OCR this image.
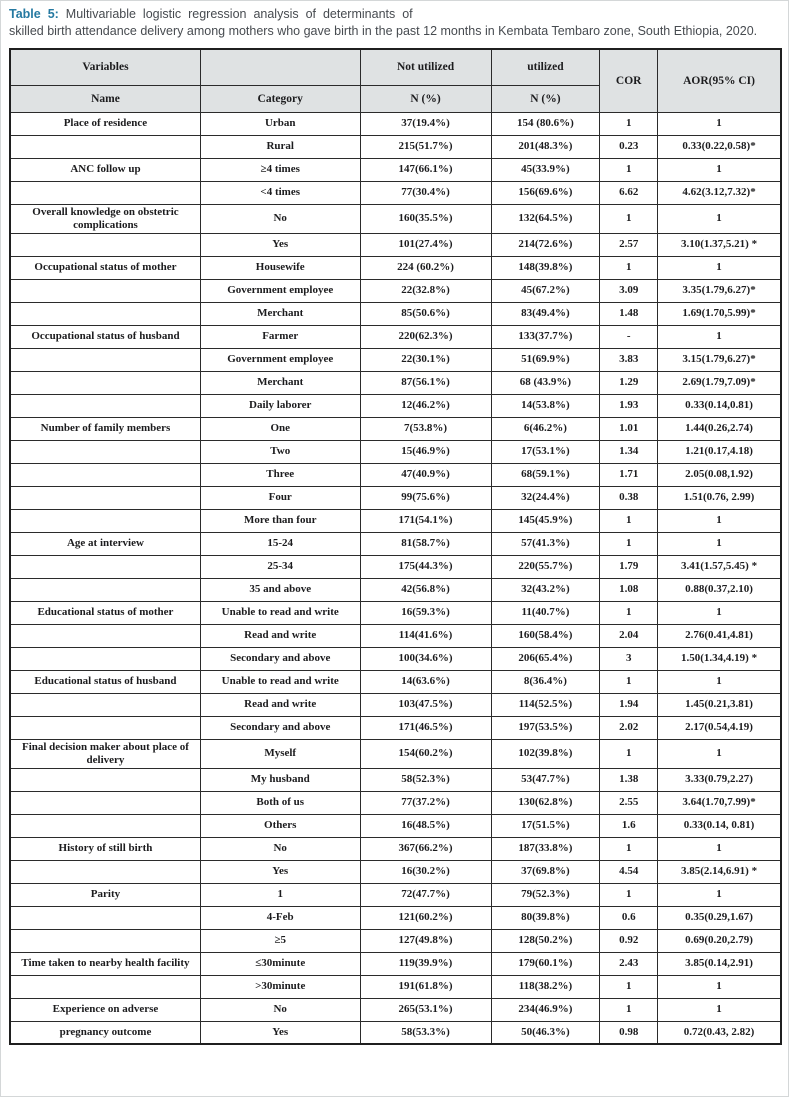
Table 5: Multivariable logistic regression analysis of determinants of
skilled birth attendance delivery among mothers who gave birth in the past 12 months in Kembata Tembaro zone, South Ethiopia, 2020.
Variables		Not utilized	utilized	COR	AOR(95% CI)
Name	Category	N (%)	N (%)		
Place of residence	Urban	37(19.4%)	154 (80.6%)	1	1
	Rural	215(51.7%)	201(48.3%)	0.23	0.33(0.22,0.58)*
ANC follow up	≥4 times	147(66.1%)	45(33.9%)	1	1
	<4 times	77(30.4%)	156(69.6%)	6.62	4.62(3.12,7.32)*
Overall knowledge on obstetric complications	No	160(35.5%)	132(64.5%)	1	1
	Yes	101(27.4%)	214(72.6%)	2.57	3.10(1.37,5.21) *
Occupational status of mother	Housewife	224 (60.2%)	148(39.8%)	1	1
	Government employee	22(32.8%)	45(67.2%)	3.09	3.35(1.79,6.27)*
	Merchant	85(50.6%)	83(49.4%)	1.48	1.69(1.70,5.99)*
Occupational status of husband	Farmer	220(62.3%)	133(37.7%)	-	1
	Government employee	22(30.1%)	51(69.9%)	3.83	3.15(1.79,6.27)*
	Merchant	87(56.1%)	68 (43.9%)	1.29	2.69(1.79,7.09)*
	Daily laborer	12(46.2%)	14(53.8%)	1.93	0.33(0.14,0.81)
Number of family members	One	7(53.8%)	6(46.2%)	1.01	1.44(0.26,2.74)
	Two	15(46.9%)	17(53.1%)	1.34	1.21(0.17,4.18)
	Three	47(40.9%)	68(59.1%)	1.71	2.05(0.08,1.92)
	Four	99(75.6%)	32(24.4%)	0.38	1.51(0.76, 2.99)
	More than four	171(54.1%)	145(45.9%)	1	1
Age at interview	15-24	81(58.7%)	57(41.3%)	1	1
	25-34	175(44.3%)	220(55.7%)	1.79	3.41(1.57,5.45) *
	35 and above	42(56.8%)	32(43.2%)	1.08	0.88(0.37,2.10)
Educational status of mother	Unable to read and write	16(59.3%)	11(40.7%)	1	1
	Read and write	114(41.6%)	160(58.4%)	2.04	2.76(0.41,4.81)
	Secondary and above	100(34.6%)	206(65.4%)	3	1.50(1.34,4.19) *
Educational status of husband	Unable to read and write	14(63.6%)	8(36.4%)	1	1
	Read and write	103(47.5%)	114(52.5%)	1.94	1.45(0.21,3.81)
	Secondary and above	171(46.5%)	197(53.5%)	2.02	2.17(0.54,4.19)
Final decision maker about place of delivery	Myself	154(60.2%)	102(39.8%)	1	1
	My husband	58(52.3%)	53(47.7%)	1.38	3.33(0.79,2.27)
	Both of us	77(37.2%)	130(62.8%)	2.55	3.64(1.70,7.99)*
	Others	16(48.5%)	17(51.5%)	1.6	0.33(0.14, 0.81)
History of still birth	No	367(66.2%)	187(33.8%)	1	1
	Yes	16(30.2%)	37(69.8%)	4.54	3.85(2.14,6.91) *
Parity	1	72(47.7%)	79(52.3%)	1	1
	4-Feb	121(60.2%)	80(39.8%)	0.6	0.35(0.29,1.67)
	≥5	127(49.8%)	128(50.2%)	0.92	0.69(0.20,2.79)
Time taken to nearby health facility	≤30minute	119(39.9%)	179(60.1%)	2.43	3.85(0.14,2.91)
	>30minute	191(61.8%)	118(38.2%)	1	1
Experience on adverse	No	265(53.1%)	234(46.9%)	1	1
pregnancy outcome	Yes	58(53.3%)	50(46.3%)	0.98	0.72(0.43, 2.82)
